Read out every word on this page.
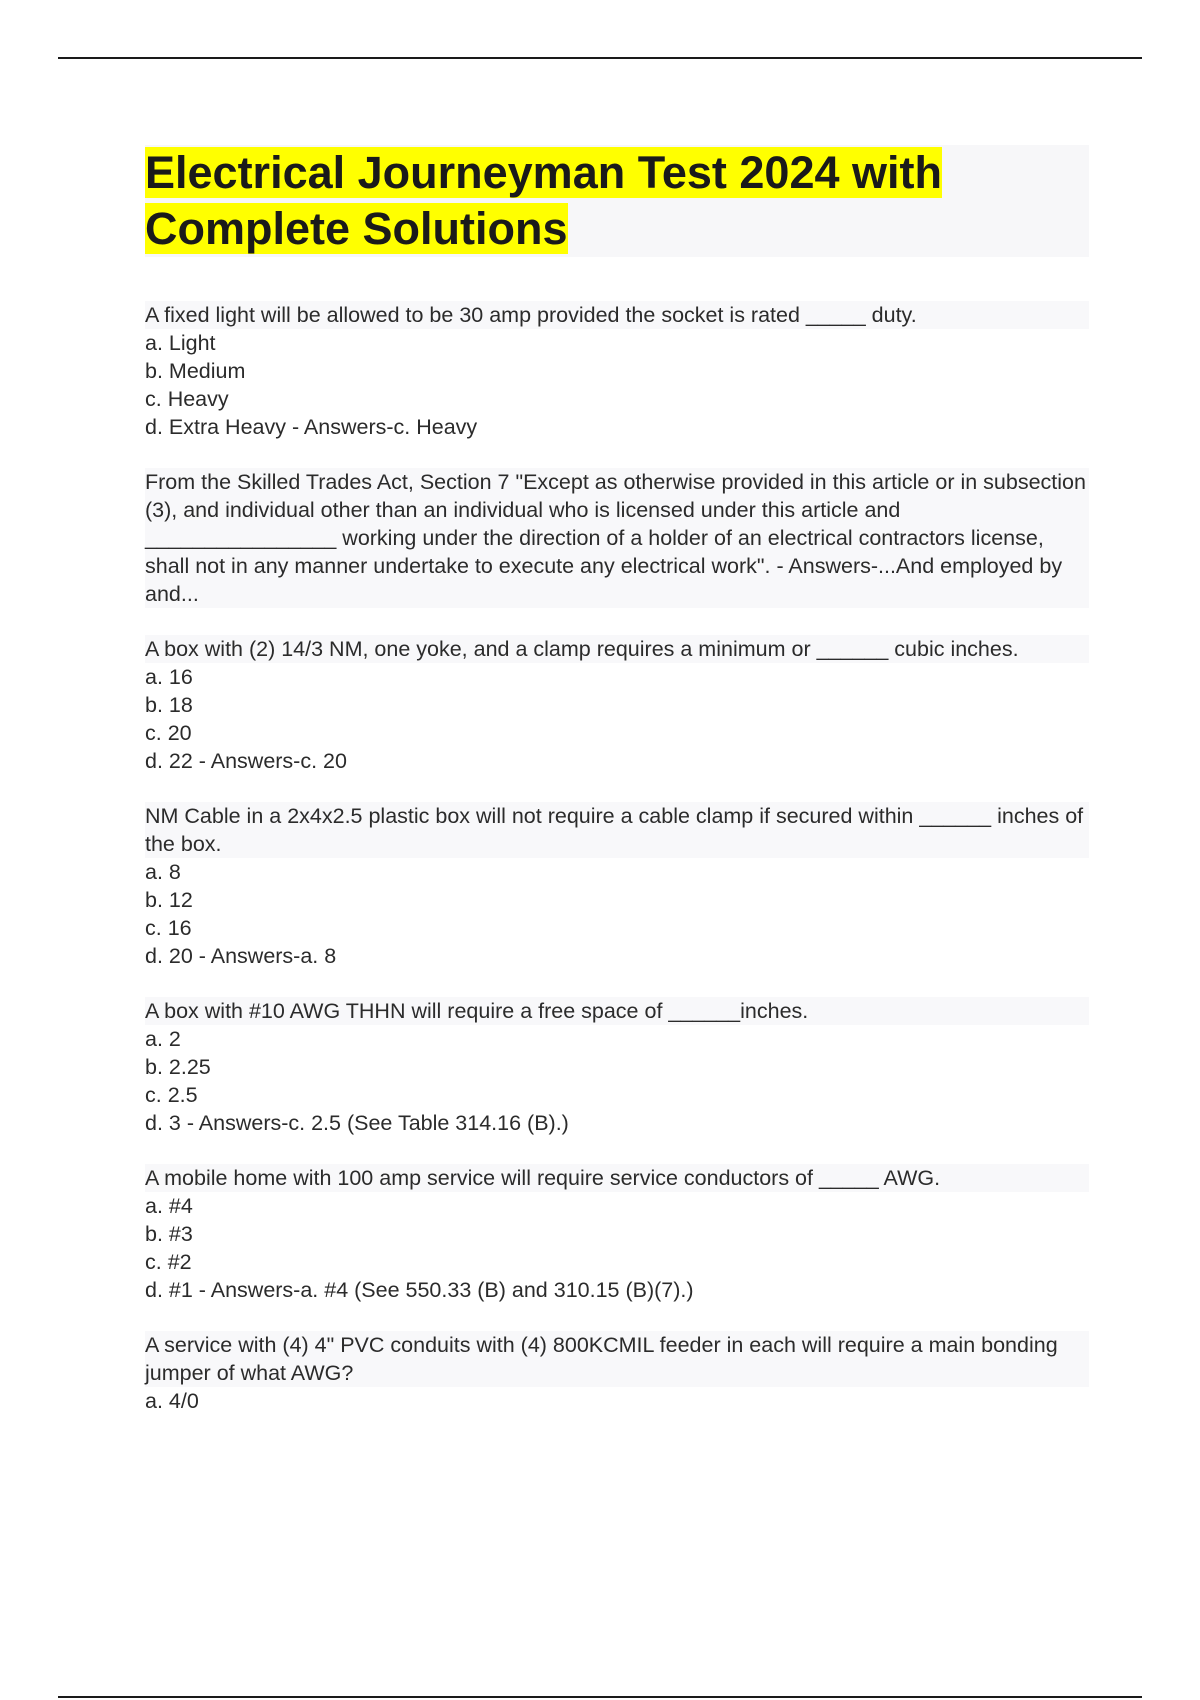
Electrical Journeyman Test 2024 with Complete Solutions

A fixed light will be allowed to be 30 amp provided the socket is rated _____ duty.

a. Light

b. Medium

c. Heavy

d. Extra Heavy - Answers-c. Heavy

From the Skilled Trades Act, Section 7 "Except as otherwise provided in this article or in subsection (3), and individual other than an individual who is licensed under this article and ________________ working under the direction of a holder of an electrical contractors license, shall not in any manner undertake to execute any electrical work". - Answers-...And employed by and...

A box with (2) 14/3 NM, one yoke, and a clamp requires a minimum or ______ cubic inches.

a. 16

b. 18

c. 20

d. 22 - Answers-c. 20

NM Cable in a 2x4x2.5 plastic box will not require a cable clamp if secured within ______ inches of the box.

a. 8

b. 12

c. 16

d. 20 - Answers-a. 8

A box with #10 AWG THHN will require a free space of ______inches.

a. 2

b. 2.25

c. 2.5

d. 3 - Answers-c. 2.5 (See Table 314.16 (B).)

A mobile home with 100 amp service will require service conductors of _____ AWG.

a. #4

b. #3

c. #2

d. #1 - Answers-a. #4 (See 550.33 (B) and 310.15 (B)(7).)

A service with (4) 4" PVC conduits with (4) 800KCMIL feeder in each will require a main bonding jumper of what AWG?

a. 4/0
